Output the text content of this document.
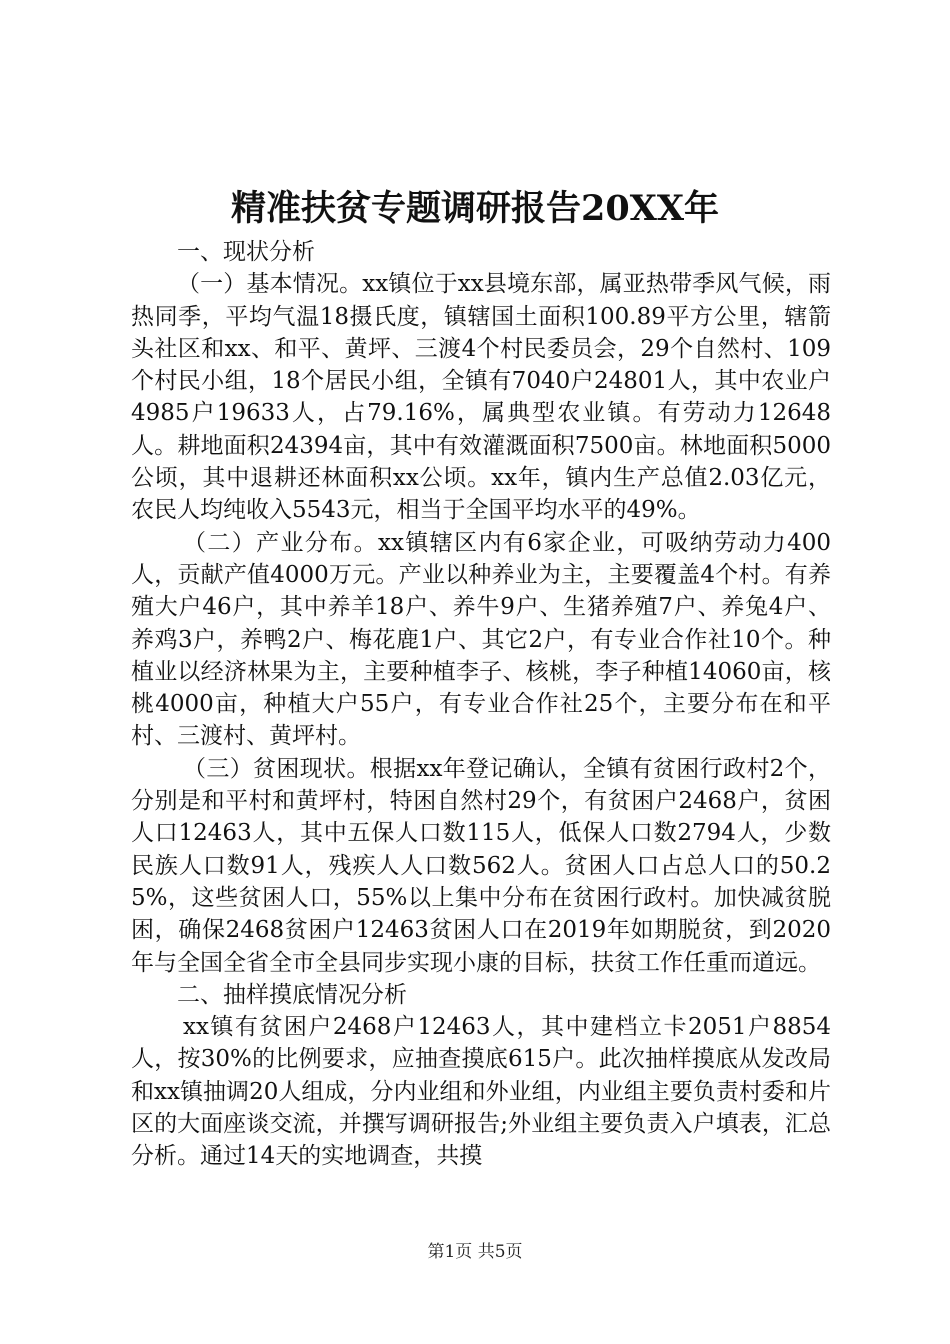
精准扶贫专题调研报告20XX年

一、现状分析

（一）基本情况。xx镇位于xx县境东部，属亚热带季风气候，雨热同季，平均气温18摄氏度，镇辖国土面积100.89平方公里，辖箭头社区和xx、和平、黄坪、三渡4个村民委员会，29个自然村、109个村民小组，18个居民小组，全镇有7040户24801人，其中农业户4985户19633人，占79.16%，属典型农业镇。有劳动力12648人。耕地面积24394亩，其中有效灌溉面积7500亩。林地面积5000公顷，其中退耕还林面积xx公顷。xx年，镇内生产总值2.03亿元，农民人均纯收入5543元，相当于全国平均水平的49%。

（二）产业分布。xx镇辖区内有6家企业，可吸纳劳动力400人，贡献产值4000万元。产业以种养业为主，主要覆盖4个村。有养殖大户46户，其中养羊18户、养牛9户、生猪养殖7户、养兔4户、养鸡3户，养鸭2户、梅花鹿1户、其它2户，有专业合作社10个。种植业以经济林果为主，主要种植李子、核桃，李子种植14060亩，核桃4000亩，种植大户55户，有专业合作社25个，主要分布在和平村、三渡村、黄坪村。

（三）贫困现状。根据xx年登记确认，全镇有贫困行政村2个，分别是和平村和黄坪村，特困自然村29个，有贫困户2468户，贫困人口12463人，其中五保人口数115人，低保人口数2794人，少数民族人口数91人，残疾人人口数562人。贫困人口占总人口的50.25%，这些贫困人口，55%以上集中分布在贫困行政村。加快减贫脱困，确保2468贫困户12463贫困人口在2019年如期脱贫，到2020年与全国全省全市全县同步实现小康的目标，扶贫工作任重而道远。

二、抽样摸底情况分析

xx镇有贫困户2468户12463人，其中建档立卡2051户8854人，按30%的比例要求，应抽查摸底615户。此次抽样摸底从发改局和xx镇抽调20人组成，分内业组和外业组，内业组主要负责村委和片区的大面座谈交流，并撰写调研报告;外业组主要负责入户填表，汇总分析。通过14天的实地调查，共摸

第1页 共5页
